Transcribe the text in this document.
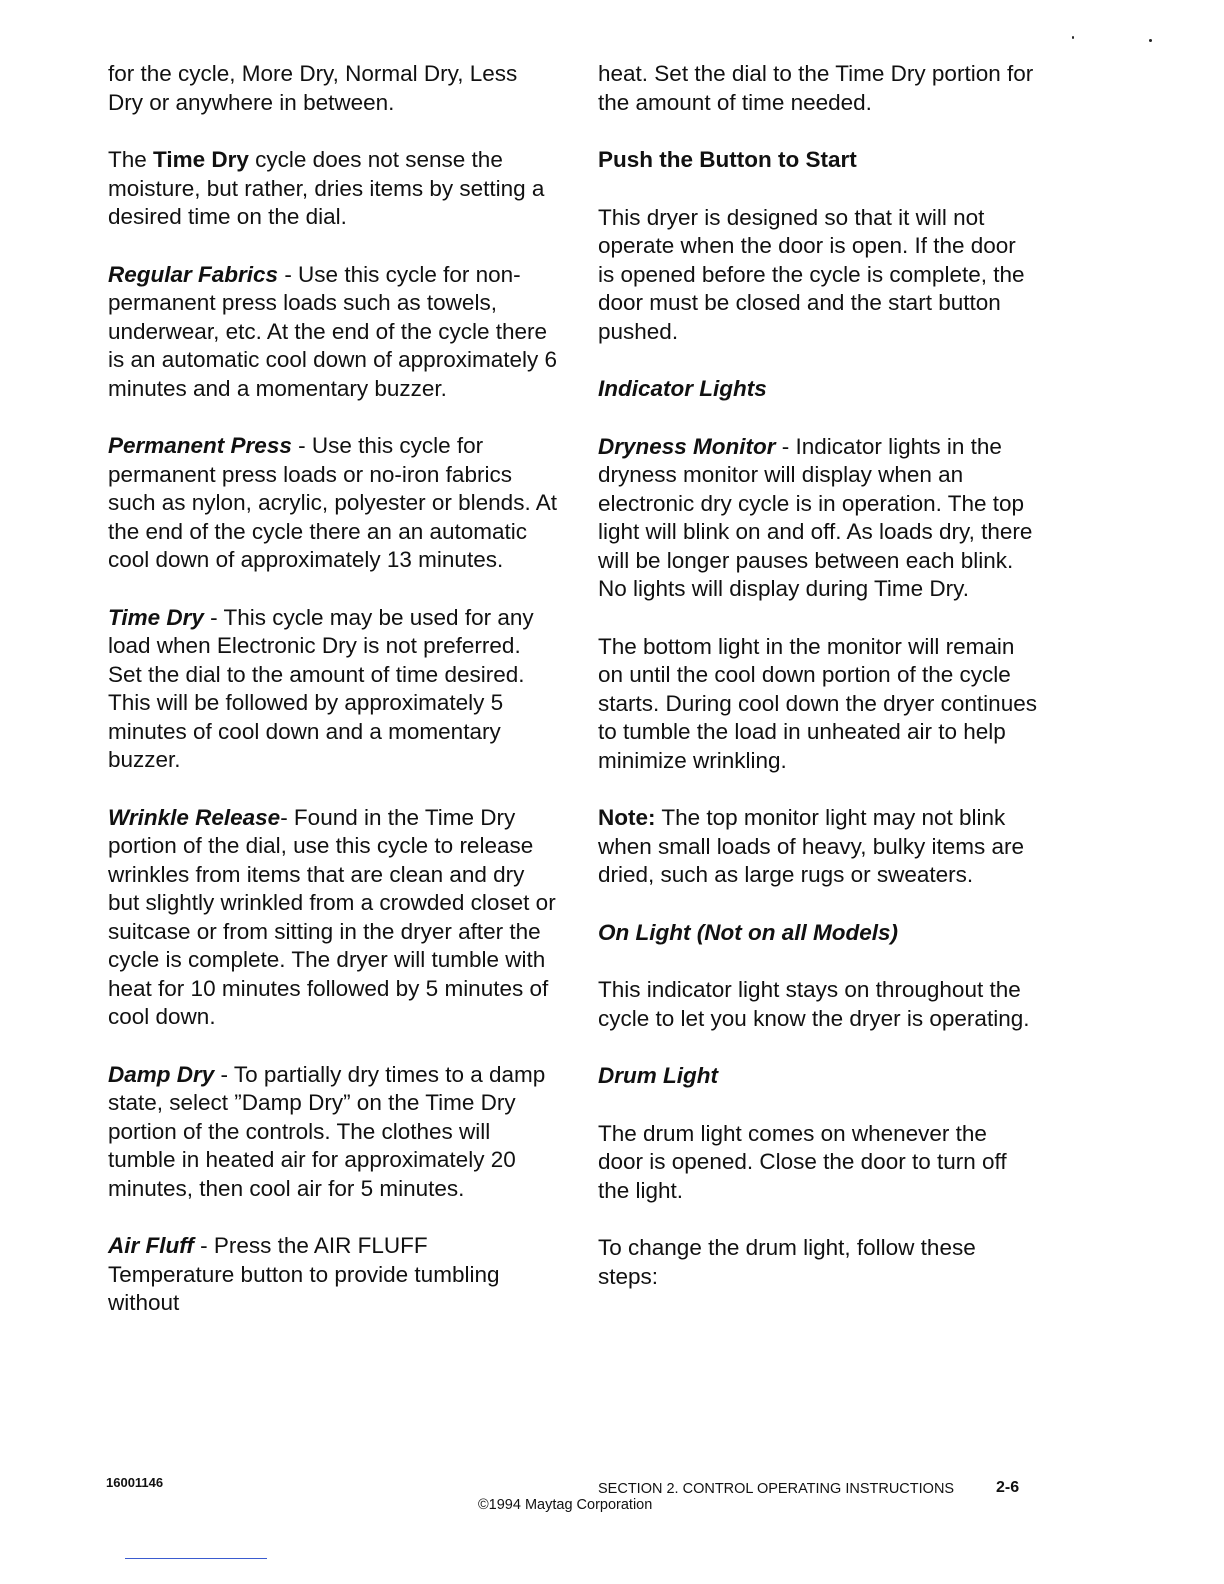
for the cycle, More Dry, Normal Dry, Less Dry or anywhere in between.

The Time Dry cycle does not sense the moisture, but rather, dries items by setting a desired time on the dial.

Regular Fabrics - Use this cycle for non-permanent press loads such as towels, underwear, etc. At the end of the cycle there is an automatic cool down of approximately 6 minutes and a momentary buzzer.

Permanent Press - Use this cycle for permanent press loads or no-iron fabrics such as nylon, acrylic, polyester or blends. At the end of the cycle there an an automatic cool down of approximately 13 minutes.

Time Dry - This cycle may be used for any load when Electronic Dry is not preferred. Set the dial to the amount of time desired. This will be followed by approximately 5 minutes of cool down and a momentary buzzer.

Wrinkle Release- Found in the Time Dry portion of the dial, use this cycle to release wrinkles from items that are clean and dry but slightly wrinkled from a crowded closet or suitcase or from sitting in the dryer after the cycle is complete. The dryer will tumble with heat for 10 minutes followed by 5 minutes of cool down.

Damp Dry - To partially dry times to a damp state, select ”Damp Dry” on the Time Dry portion of the controls. The clothes will tumble in heated air for approximately 20 minutes, then cool air for 5 minutes.

Air Fluff - Press the AIR FLUFF Temperature button to provide tumbling without

heat. Set the dial to the Time Dry portion for the amount of time needed.

Push the Button to Start

This dryer is designed so that it will not operate when the door is open. If the door is opened before the cycle is complete, the door must be closed and the start button pushed.

Indicator Lights

Dryness Monitor - Indicator lights in the dryness monitor will display when an electronic dry cycle is in operation. The top light will blink on and off. As loads dry, there will be longer pauses between each blink. No lights will display during Time Dry.

The bottom light in the monitor will remain on until the cool down portion of the cycle starts. During cool down the dryer continues to tumble the load in unheated air to help minimize wrinkling.

Note: The top monitor light may not blink when small loads of heavy, bulky items are dried, such as large rugs or sweaters.

On Light (Not on all Models)

This indicator light stays on throughout the cycle to let you know the dryer is operating.

Drum Light

The drum light comes on whenever the door is opened. Close the door to turn off the light.

To change the drum light, follow these steps:

16001146	SECTION 2. CONTROL OPERATING INSTRUCTIONS	2-6
©1994 Maytag Corporation
